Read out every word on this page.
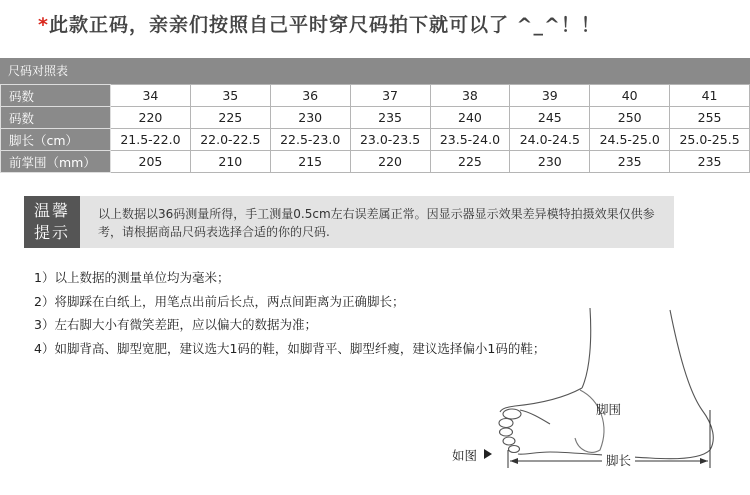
*此款正码，亲亲们按照自己平时穿尺码拍下就可以了 ^_^！！
尺码对照表
码数	34	35	36	37	38	39	40	41
码数	220	225	230	235	240	245	250	255
脚长（cm）	21.5-22.0	22.0-22.5	22.5-23.0	23.0-23.5	23.5-24.0	24.0-24.5	24.5-25.0	25.0-25.5
前掌围（mm）	205	210	215	220	225	230	235	235
温馨
提示
以上数据以36码测量所得，手工测量0.5cm左右误差属正常。因显示器显示效果差异模特拍摄效果仅供参考，请根据商品尺码表选择合适的你的尺码.
1）以上数据的测量单位均为毫米；
2）将脚踩在白纸上，用笔点出前后长点，两点间距离为正确脚长；
3）左右脚大小有微笑差距，应以偏大的数据为准；
4）如脚背高、脚型宽肥，建议选大1码的鞋，如脚背平、脚型纤瘦，建议选择偏小1码的鞋；
如图
脚围
脚长
